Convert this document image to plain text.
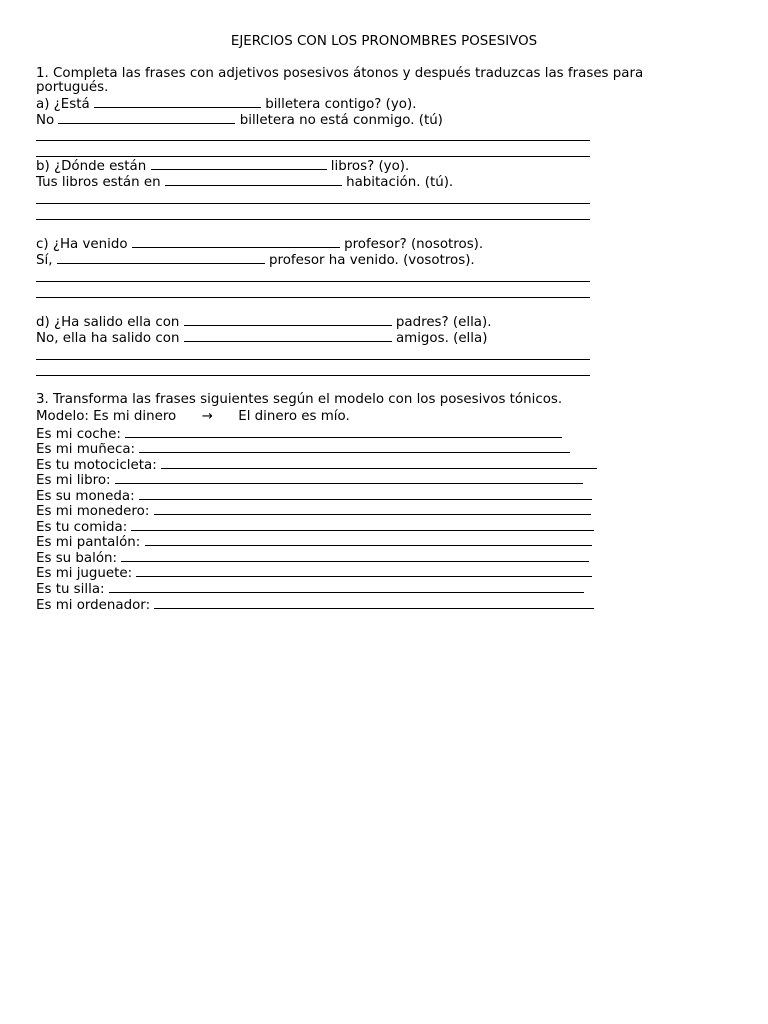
EJERCIOS CON LOS PRONOMBRES POSESIVOS
1. Completa las frases con adjetivos posesivos átonos y después traduzcas las frases para
portugués.
a) ¿Está	billetera contigo? (yo).
No	billetera no está conmigo. (tú)
b) ¿Dónde están	libros? (yo).
Tus libros están en	habitación. (tú).
c) ¿Ha venido	profesor? (nosotros).
Sí,	profesor ha venido. (vosotros).
d) ¿Ha salido ella con	padres? (ella).
No, ella ha salido con	amigos. (ella)
3. Transforma las frases siguientes según el modelo con los posesivos tónicos.
Modelo: Es mi dinero → El dinero es mío.
Es mi coche:
Es mi muñeca:
Es tu motocicleta:
Es mi libro:
Es su moneda:
Es mi monedero:
Es tu comida:
Es mi pantalón:
Es su balón:
Es mi juguete:
Es tu silla:
Es mi ordenador:
